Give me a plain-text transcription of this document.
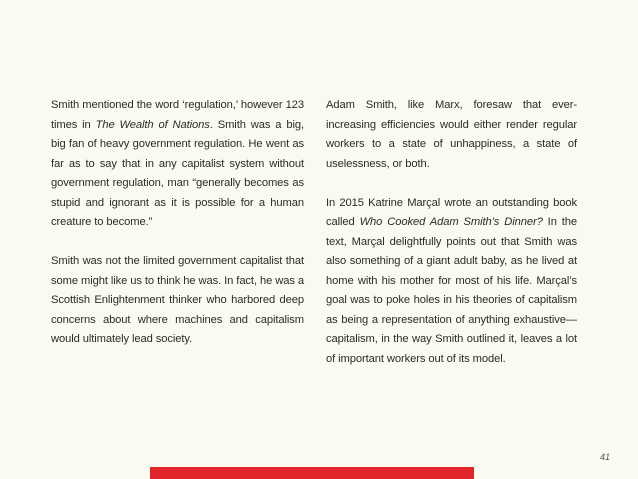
Smith mentioned the word ‘regulation,’ however 123 times in The Wealth of Nations. Smith was a big, big fan of heavy government regulation. He went as far as to say that in any capitalist system without government regulation, man “generally becomes as stupid and ignorant as it is possible for a human creature to become.”

Smith was not the limited government capitalist that some might like us to think he was. In fact, he was a Scottish Enlightenment thinker who harbored deep concerns about where machines and capitalism would ultimately lead society.

Adam Smith, like Marx, foresaw that ever-increasing efficiencies would either render regular workers to a state of unhappiness, a state of uselessness, or both.

In 2015 Katrine Marçal wrote an outstanding book called Who Cooked Adam Smith’s Dinner? In the text, Marçal delightfully points out that Smith was also something of a giant adult baby, as he lived at home with his mother for most of his life. Marçal’s goal was to poke holes in his theories of capitalism as being a representation of anything exhaustive—capitalism, in the way Smith outlined it, leaves a lot of important workers out of its model.

41
